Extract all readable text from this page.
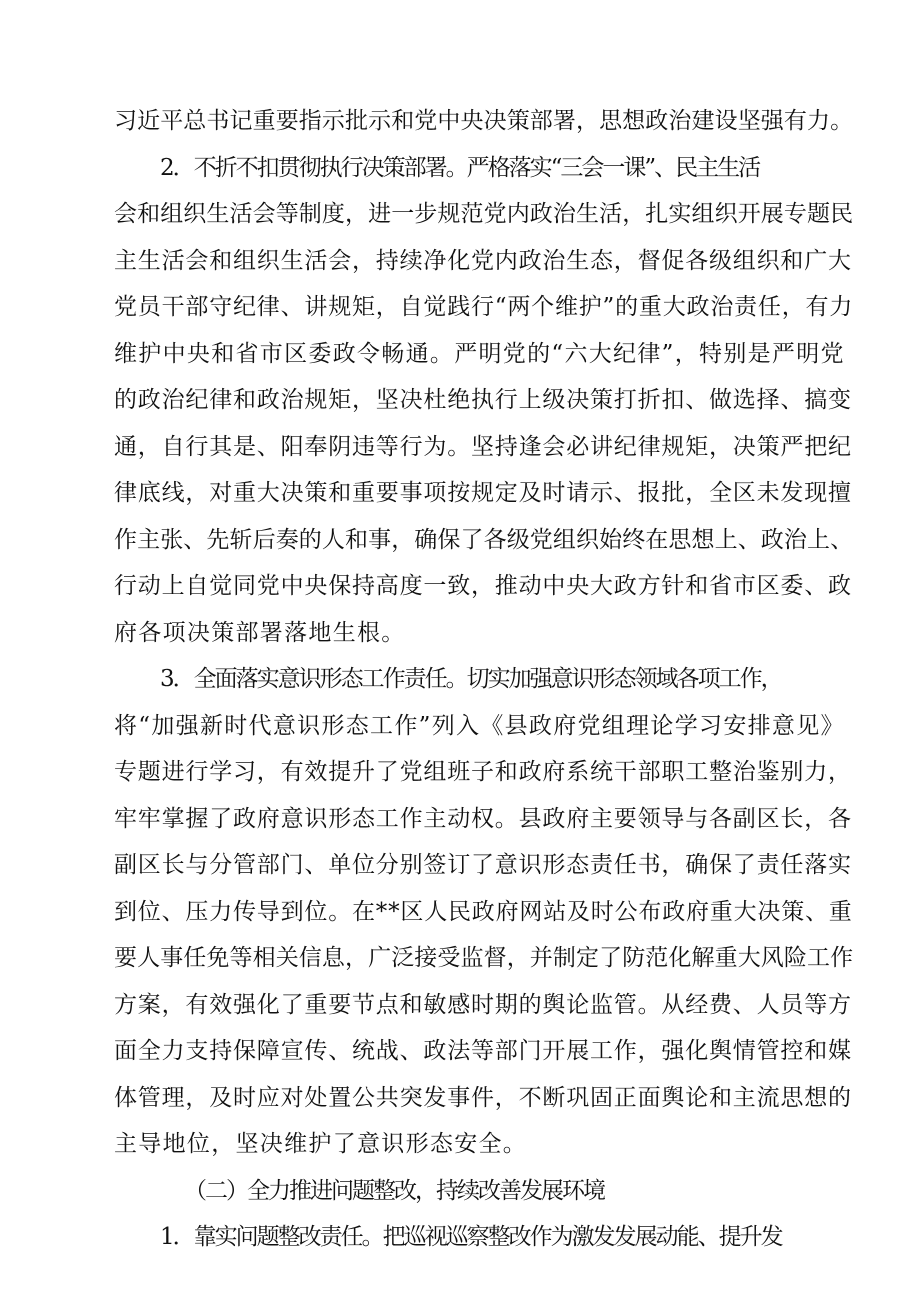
习近平总书记重要指示批示和党中央决策部署，思想政治建设坚强有力。
2．不折不扣贯彻执行决策部署。严格落实“三会一课”、民主生活
会和组织生活会等制度，进一步规范党内政治生活，扎实组织开展专题民
主生活会和组织生活会，持续净化党内政治生态，督促各级组织和广大
党员干部守纪律、讲规矩，自觉践行“两个维护”的重大政治责任，有力
维护中央和省市区委政令畅通。严明党的“六大纪律”，特别是严明党
的政治纪律和政治规矩，坚决杜绝执行上级决策打折扣、做选择、搞变
通，自行其是、阳奉阴违等行为。坚持逢会必讲纪律规矩，决策严把纪
律底线，对重大决策和重要事项按规定及时请示、报批，全区未发现擅
作主张、先斩后奏的人和事，确保了各级党组织始终在思想上、政治上、
行动上自觉同党中央保持高度一致，推动中央大政方针和省市区委、政
府各项决策部署落地生根。
3．全面落实意识形态工作责任。切实加强意识形态领域各项工作，
将“加强新时代意识形态工作”列入《县政府党组理论学习安排意见》
专题进行学习，有效提升了党组班子和政府系统干部职工整治鉴别力，
牢牢掌握了政府意识形态工作主动权。县政府主要领导与各副区长，各
副区长与分管部门、单位分别签订了意识形态责任书，确保了责任落实
到位、压力传导到位。在**区人民政府网站及时公布政府重大决策、重
要人事任免等相关信息，广泛接受监督，并制定了防范化解重大风险工作
方案，有效强化了重要节点和敏感时期的舆论监管。从经费、人员等方
面全力支持保障宣传、统战、政法等部门开展工作，强化舆情管控和媒
体管理，及时应对处置公共突发事件，不断巩固正面舆论和主流思想的
主导地位，坚决维护了意识形态安全。
（二）全力推进问题整改，持续改善发展环境
1．靠实问题整改责任。把巡视巡察整改作为激发发展动能、提升发
